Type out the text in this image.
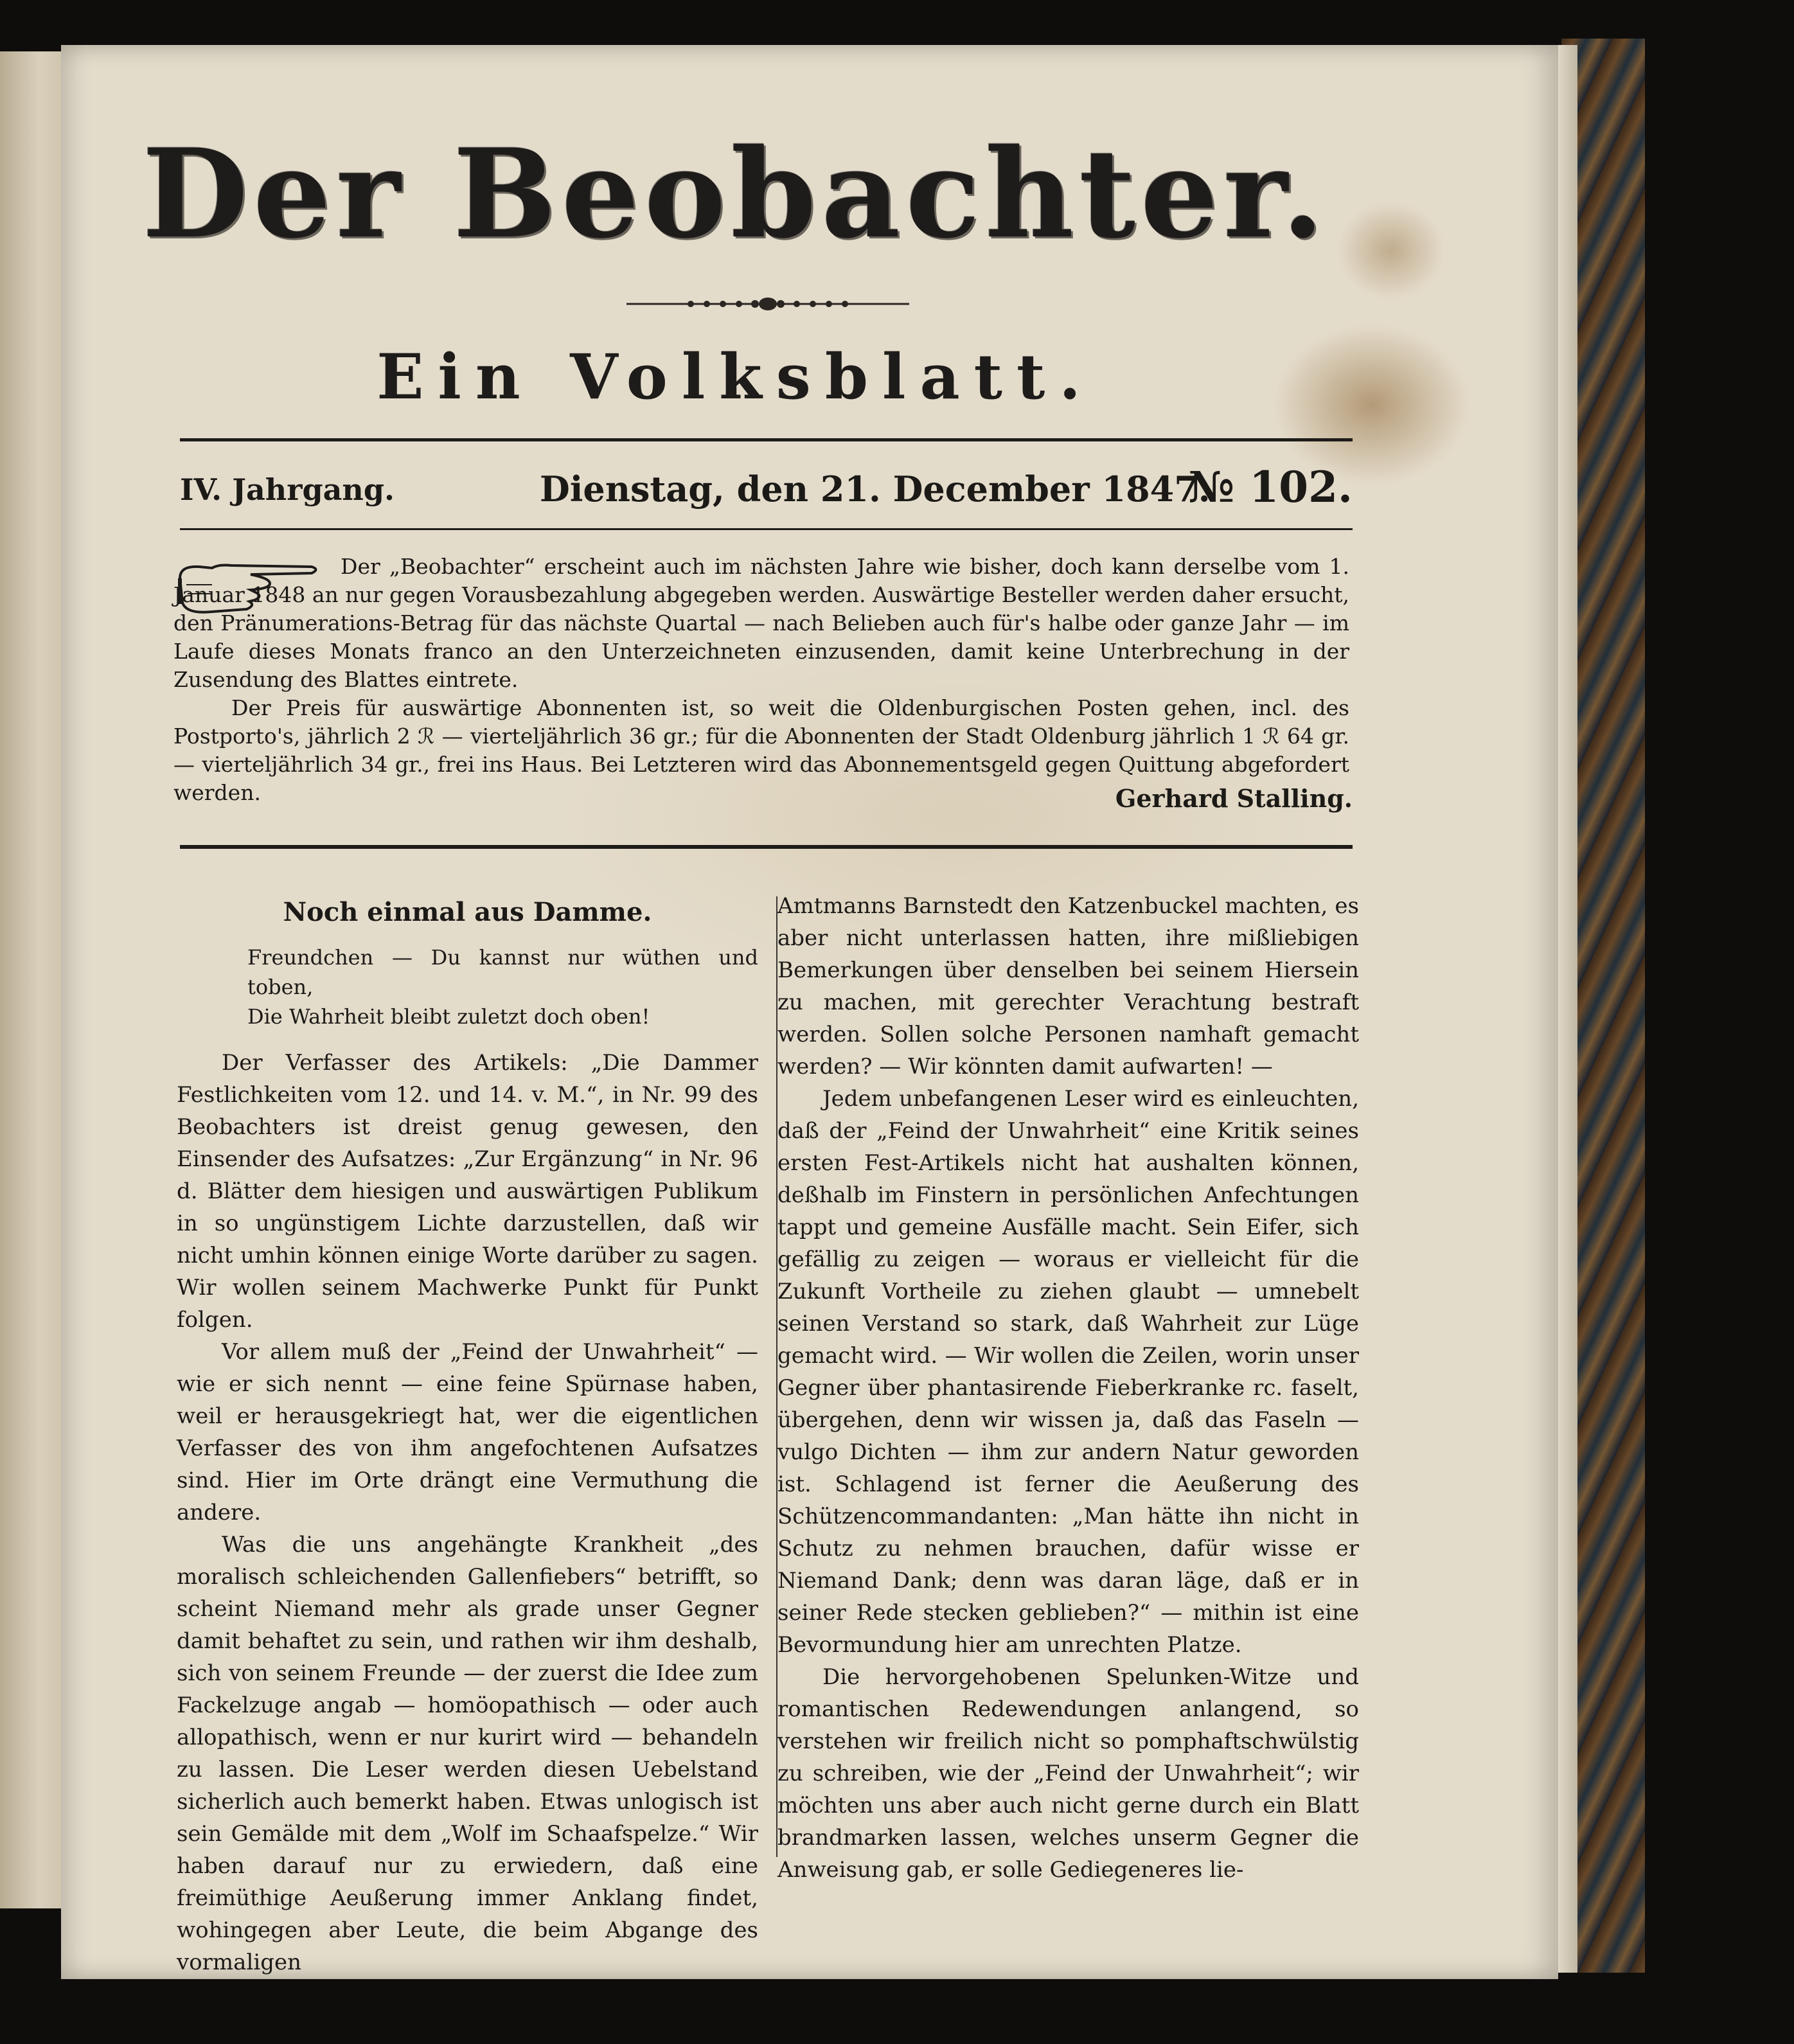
Der Beobachter.
Ein Volksblatt.
IV. Jahrgang.	Dienstag, den 21. December 1847.
№ 102.

Der „Beobachter“ erscheint auch im nächsten Jahre wie bisher, doch kann derselbe vom 1. Januar 1848 an nur gegen Vorausbezahlung abgegeben werden. Auswärtige Besteller werden daher ersucht, den Pränumerations-Betrag für das nächste Quartal — nach Belieben auch für's halbe oder ganze Jahr — im Laufe dieses Monats franco an den Unterzeichneten einzusenden, damit keine Unterbrechung in der Zusendung des Blattes eintrete.

Der Preis für auswärtige Abonnenten ist, so weit die Oldenburgischen Posten gehen, incl. des Postporto's, jährlich 2 ℛ — vierteljährlich 36 gr.; für die Abonnenten der Stadt Oldenburg jährlich 1 ℛ 64 gr. — vierteljährlich 34 gr., frei ins Haus. Bei Letzteren wird das Abonnementsgeld gegen Quittung abgefordert werden.	Gerhard Stalling.
Noch einmal aus Damme.
Freundchen — Du kannst nur wüthen und toben,
Die Wahrheit bleibt zuletzt doch oben!

Der Verfasser des Artikels: „Die Dammer Festlichkeiten vom 12. und 14. v. M.“, in Nr. 99 des Beobachters ist dreist genug gewesen, den Einsender des Aufsatzes: „Zur Ergänzung“ in Nr. 96 d. Blätter dem hiesigen und auswärtigen Publikum in so ungünstigem Lichte darzustellen, daß wir nicht umhin können einige Worte darüber zu sagen. Wir wollen seinem Machwerke Punkt für Punkt folgen.

Vor allem muß der „Feind der Unwahrheit“ — wie er sich nennt — eine feine Spürnase haben, weil er herausgekriegt hat, wer die eigentlichen Verfasser des von ihm angefochtenen Aufsatzes sind. Hier im Orte drängt eine Vermuthung die andere.

Was die uns angehängte Krankheit „des moralisch schleichenden Gallenfiebers“ betrifft, so scheint Niemand mehr als grade unser Gegner damit behaftet zu sein, und rathen wir ihm deshalb, sich von seinem Freunde — der zuerst die Idee zum Fackelzuge angab — homöopathisch — oder auch allopathisch, wenn er nur kurirt wird — behandeln zu lassen. Die Leser werden diesen Uebelstand sicherlich auch bemerkt haben. Etwas unlogisch ist sein Gemälde mit dem „Wolf im Schaafspelze.“ Wir haben darauf nur zu erwiedern, daß eine freimüthige Aeußerung immer Anklang findet, wohingegen aber Leute, die beim Abgange des vormaligen

Amtmanns Barnstedt den Katzenbuckel machten, es aber nicht unterlassen hatten, ihre mißliebigen Bemerkungen über denselben bei seinem Hiersein zu machen, mit gerechter Verachtung bestraft werden. Sollen solche Personen namhaft gemacht werden? — Wir könnten damit aufwarten! —

Jedem unbefangenen Leser wird es einleuchten, daß der „Feind der Unwahrheit“ eine Kritik seines ersten Fest-Artikels nicht hat aushalten können, deßhalb im Finstern in persönlichen Anfechtungen tappt und gemeine Ausfälle macht. Sein Eifer, sich gefällig zu zeigen — woraus er vielleicht für die Zukunft Vortheile zu ziehen glaubt — umnebelt seinen Verstand so stark, daß Wahrheit zur Lüge gemacht wird. — Wir wollen die Zeilen, worin unser Gegner über phantasirende Fieberkranke rc. faselt, übergehen, denn wir wissen ja, daß das Faseln — vulgo Dichten — ihm zur andern Natur geworden ist. Schlagend ist ferner die Aeußerung des Schützencommandanten: „Man hätte ihn nicht in Schutz zu nehmen brauchen, dafür wisse er Niemand Dank; denn was daran läge, daß er in seiner Rede stecken geblieben?“ — mithin ist eine Bevormundung hier am unrechten Platze.

Die hervorgehobenen Spelunken-Witze und romantischen Redewendungen anlangend, so verstehen wir freilich nicht so pomphaftschwülstig zu schreiben, wie der „Feind der Unwahrheit“; wir möchten uns aber auch nicht gerne durch ein Blatt brandmarken lassen, welches unserm Gegner die Anweisung gab, er solle Gediegeneres lie-
